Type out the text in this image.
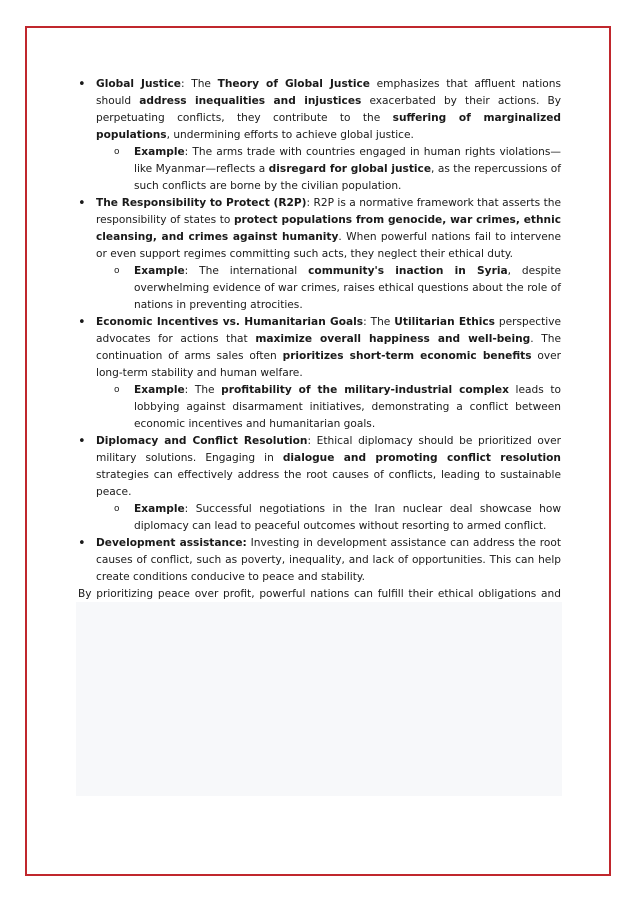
• Global Justice: The Theory of Global Justice emphasizes that affluent nations should address inequalities and injustices exacerbated by their actions. By perpetuating conflicts, they contribute to the suffering of marginalized populations, undermining efforts to achieve global justice.
o Example: The arms trade with countries engaged in human rights violations—like Myanmar—reflects a disregard for global justice, as the repercussions of such conflicts are borne by the civilian population.
• The Responsibility to Protect (R2P): R2P is a normative framework that asserts the responsibility of states to protect populations from genocide, war crimes, ethnic cleansing, and crimes against humanity. When powerful nations fail to intervene or even support regimes committing such acts, they neglect their ethical duty.
o Example: The international community's inaction in Syria, despite overwhelming evidence of war crimes, raises ethical questions about the role of nations in preventing atrocities.
• Economic Incentives vs. Humanitarian Goals: The Utilitarian Ethics perspective advocates for actions that maximize overall happiness and well-being. The continuation of arms sales often prioritizes short-term economic benefits over long-term stability and human welfare.
o Example: The profitability of the military-industrial complex leads to lobbying against disarmament initiatives, demonstrating a conflict between economic incentives and humanitarian goals.
• Diplomacy and Conflict Resolution: Ethical diplomacy should be prioritized over military solutions. Engaging in dialogue and promoting conflict resolution strategies can effectively address the root causes of conflicts, leading to sustainable peace.
o Example: Successful negotiations in the Iran nuclear deal showcase how diplomacy can lead to peaceful outcomes without resorting to armed conflict.
• Development assistance: Investing in development assistance can address the root causes of conflict, such as poverty, inequality, and lack of opportunities. This can help create conditions conducive to peace and stability.

By prioritizing peace over profit, powerful nations can fulfill their ethical obligations and
